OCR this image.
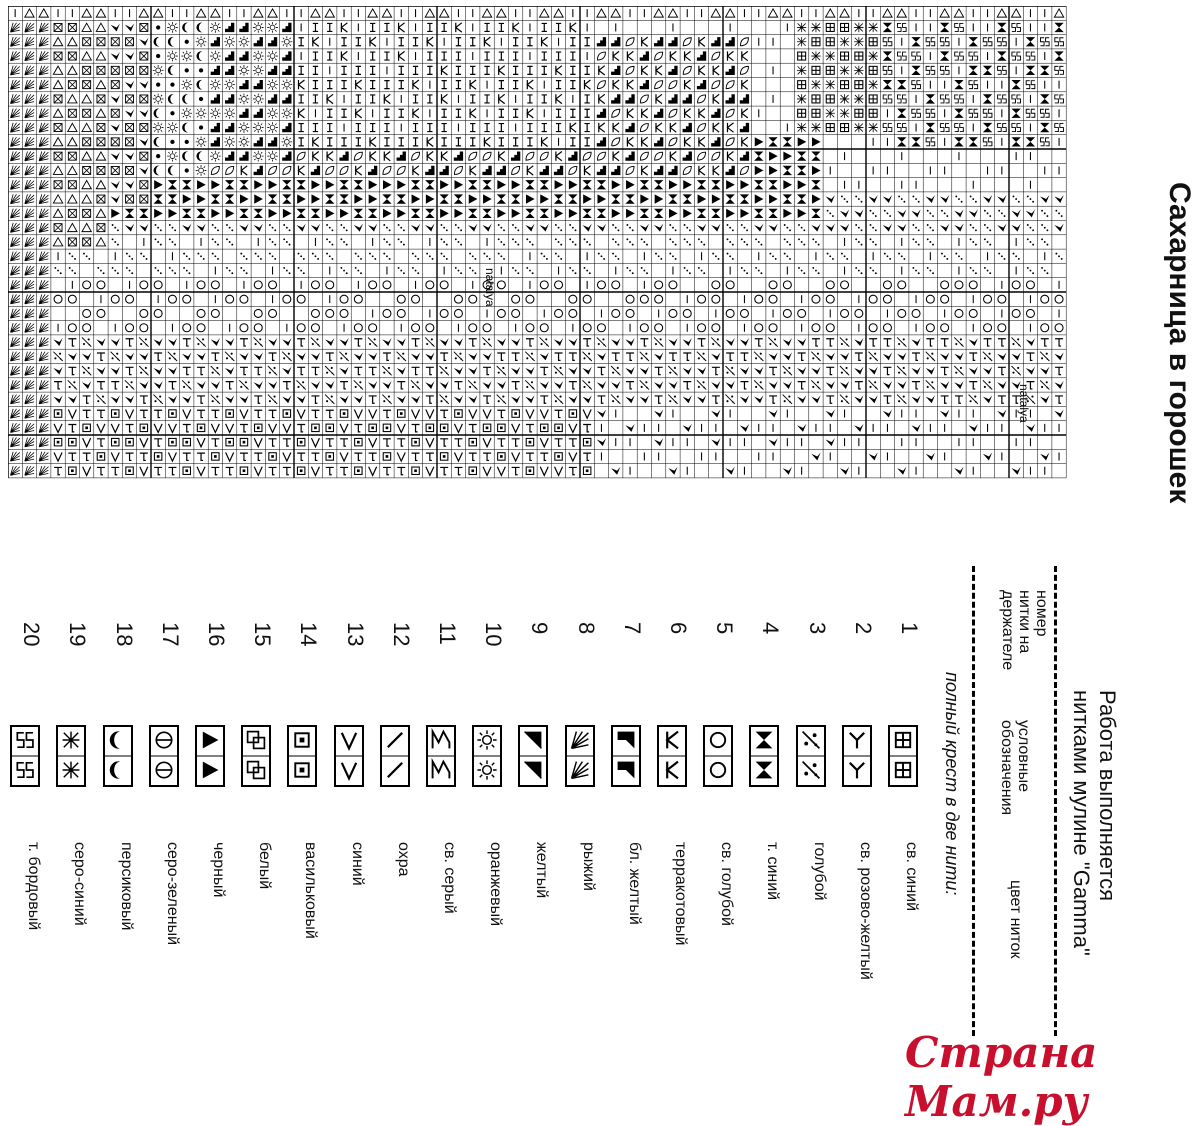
natalya
natalya	Сахарница в горошек
Работа выполняется
нитками мулине "Gamma"
номер
нитки на
держателе
условные
обозначения
цвет ниток
полный крест в две нити:
1
св. синий
2
св. розово-желтый
3
голубой
4
т. синий
5
св. голубой
6
терракотовый
7
бл. желтый
8
рыжий
9
желтый
10
оранжевый
11
св. серый
12
охра
13
синий
14
васильковый
15
белый
16
черный
17
серо-зеленый
18
персиковый
19
серо-синий
20
т. бордовый
Страна Мам.ру
